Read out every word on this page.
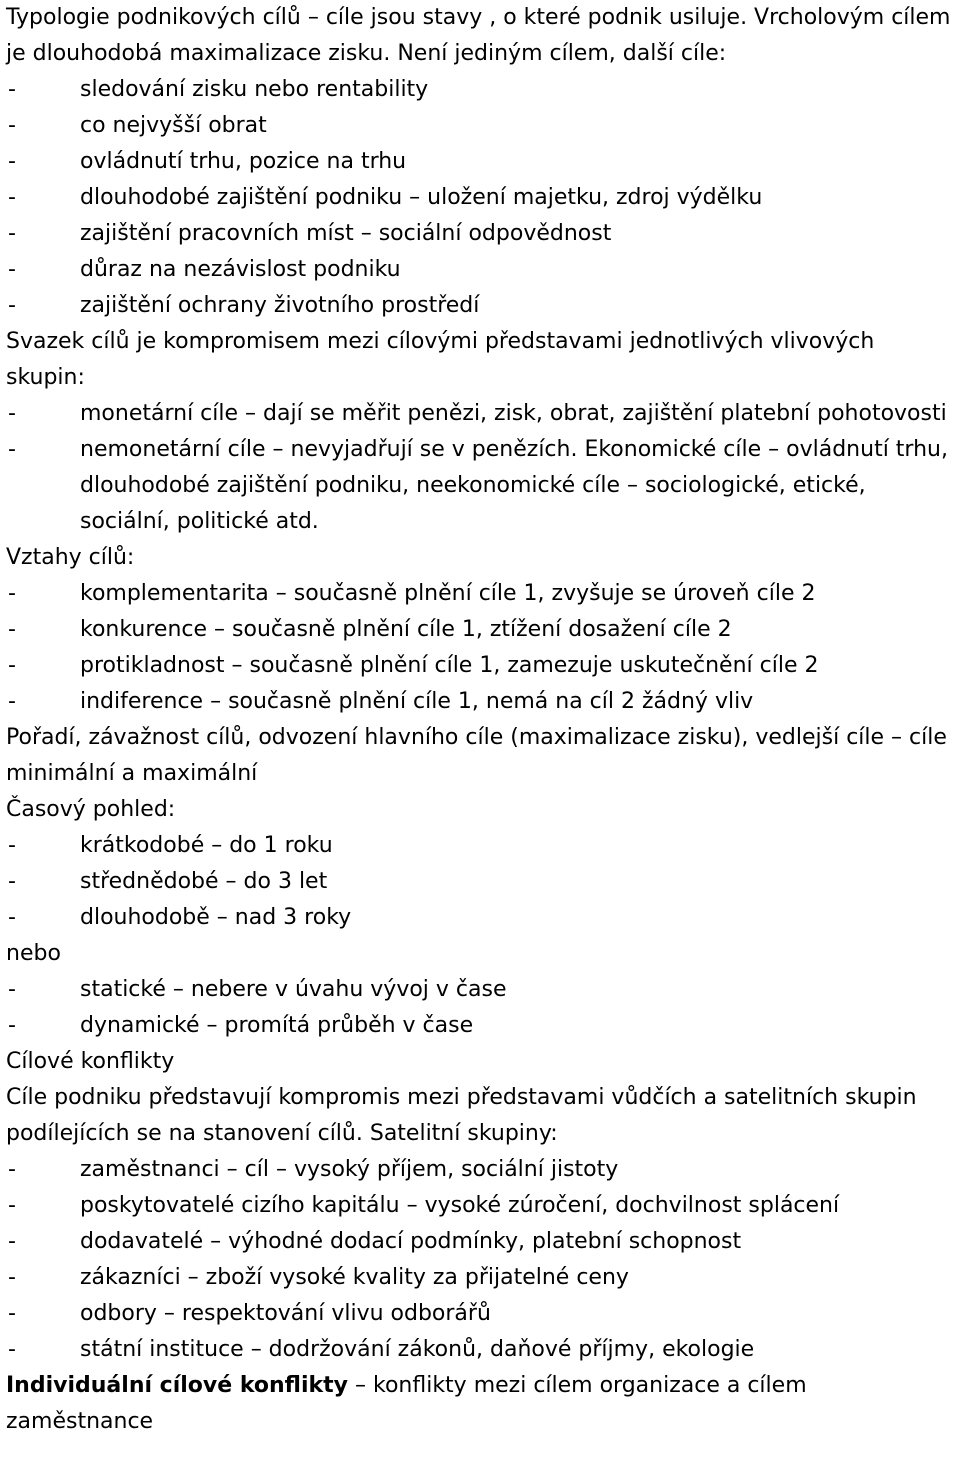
Typologie podnikových cílů – cíle jsou stavy , o které podnik usiluje. Vrcholovým cílem je dlouhodobá maximalizace zisku. Není jediným cílem, další cíle:

-	sledování zisku nebo rentability
-	co nejvyšší obrat
-	ovládnutí trhu, pozice na trhu
-	dlouhodobé zajištění podniku – uložení majetku, zdroj výdělku
-	zajištění pracovních míst – sociální odpovědnost
-	důraz na nezávislost podniku
-	zajištění ochrany životního prostředí

Svazek cílů je kompromisem mezi cílovými představami jednotlivých vlivových skupin:

-	monetární cíle – dají se měřit penězi, zisk, obrat, zajištění platební pohotovosti
-	nemonetární cíle – nevyjadřují se v penězích. Ekonomické cíle – ovládnutí trhu, dlouhodobé zajištění podniku, neekonomické cíle – sociologické, etické, sociální, politické atd.

Vztahy cílů:

-	komplementarita – současně plnění cíle 1, zvyšuje se úroveň cíle 2
-	konkurence – současně plnění cíle 1, ztížení dosažení cíle 2
-	protikladnost – současně plnění cíle 1, zamezuje uskutečnění cíle 2
-	indiference – současně plnění cíle 1, nemá na cíl 2 žádný vliv

Pořadí, závažnost cílů, odvození hlavního cíle (maximalizace zisku), vedlejší cíle – cíle minimální a maximální

Časový pohled:

-	krátkodobé – do 1 roku
-	střednědobé – do 3 let
-	dlouhodobě – nad 3 roky

nebo

-	statické – nebere v úvahu vývoj v čase
-	dynamické – promítá průběh v čase

Cílové konflikty

Cíle podniku představují kompromis mezi představami vůdčích a satelitních skupin podílejících se na stanovení cílů. Satelitní skupiny:

-	zaměstnanci – cíl – vysoký příjem, sociální jistoty
-	poskytovatelé cizího kapitálu – vysoké zúročení, dochvilnost splácení
-	dodavatelé – výhodné dodací podmínky, platební schopnost
-	zákazníci – zboží vysoké kvality za přijatelné ceny
-	odbory – respektování vlivu odborářů
-	státní instituce – dodržování zákonů, daňové příjmy, ekologie

Individuální cílové konflikty – konflikty mezi cílem organizace a cílem zaměstnance
